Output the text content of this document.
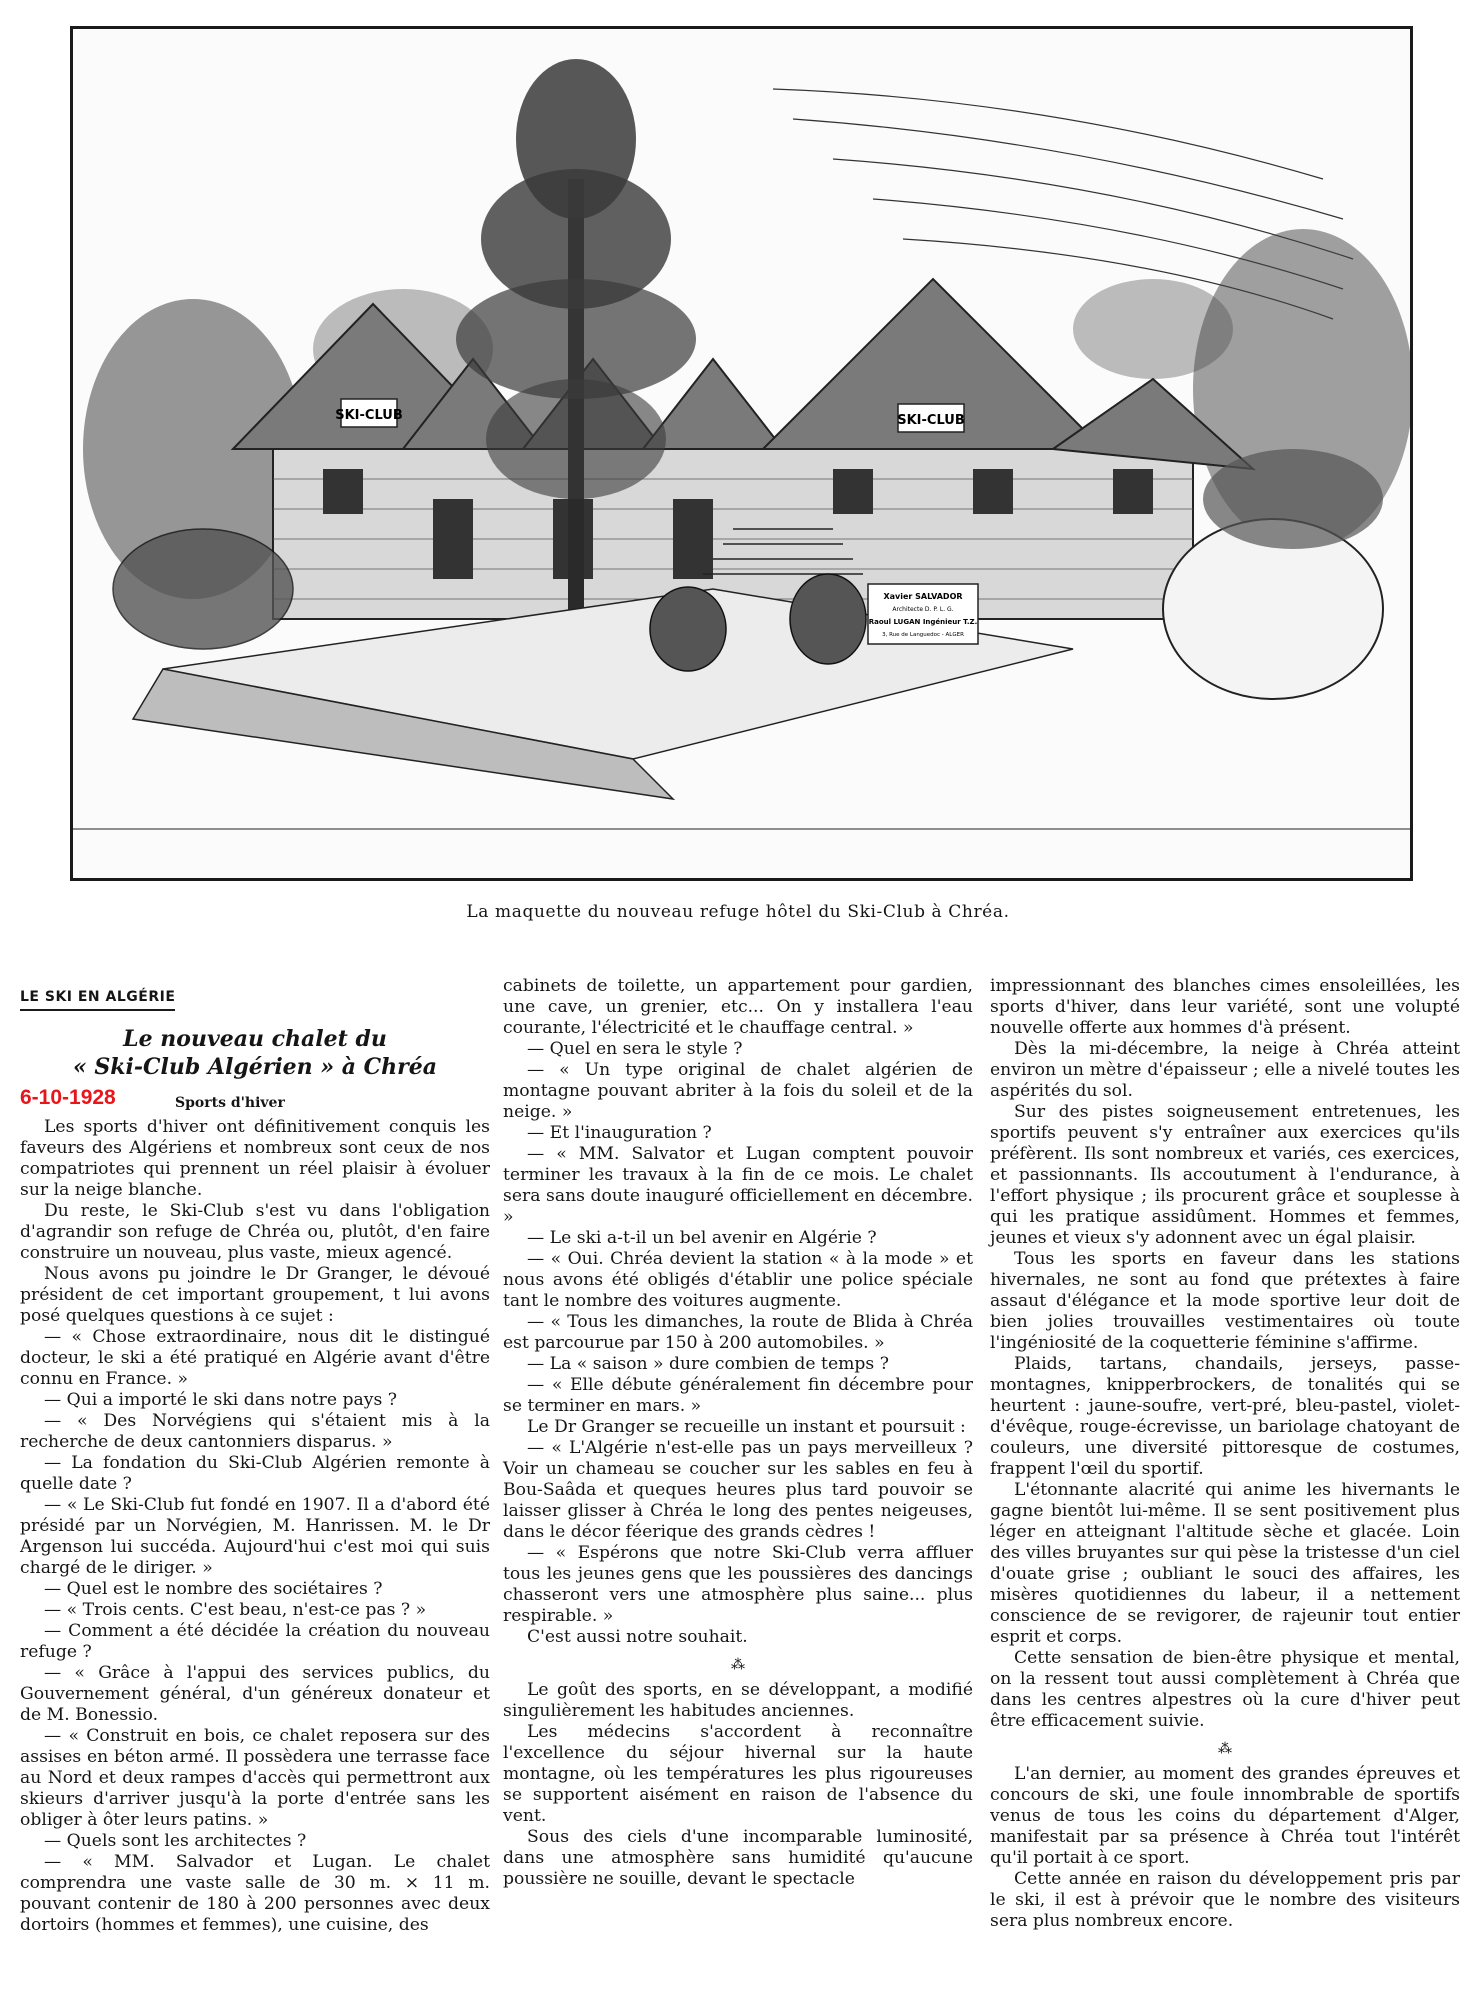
SKI-CLUB	SKI-CLUB
Xavier SALVADOR
Architecte D. P. L. G.
Raoul LUGAN Ingénieur T.Z.
3, Rue de Languedoc - ALGER
La maquette du nouveau refuge hôtel du Ski-Club à Chréa.
LE SKI EN ALGÉRIE
Le nouveau chalet du
« Ski-Club Algérien » à Chréa
6-10-1928	Sports d'hiver

Les sports d'hiver ont définitivement conquis les faveurs des Algériens et nombreux sont ceux de nos compatriotes qui prennent un réel plaisir à évoluer sur la neige blanche.

Du reste, le Ski-Club s'est vu dans l'obligation d'agrandir son refuge de Chréa ou, plutôt, d'en faire construire un nouveau, plus vaste, mieux agencé.

Nous avons pu joindre le Dr Granger, le dévoué président de cet important groupement, t lui avons posé quelques questions à ce sujet :

— « Chose extraordinaire, nous dit le distingué docteur, le ski a été pratiqué en Algérie avant d'être connu en France. »

— Qui a importé le ski dans notre pays ?

— « Des Norvégiens qui s'étaient mis à la recherche de deux cantonniers disparus. »

— La fondation du Ski-Club Algérien remonte à quelle date ?

— « Le Ski-Club fut fondé en 1907. Il a d'abord été présidé par un Norvégien, M. Hanrissen. M. le Dr Argenson lui succéda. Aujourd'hui c'est moi qui suis chargé de le diriger. »

— Quel est le nombre des sociétaires ?

— « Trois cents. C'est beau, n'est-ce pas ? »

— Comment a été décidée la création du nouveau refuge ?

— « Grâce à l'appui des services publics, du Gouvernement général, d'un généreux donateur et de M. Bonessio.

— « Construit en bois, ce chalet reposera sur des assises en béton armé. Il possèdera une terrasse face au Nord et deux rampes d'accès qui permettront aux skieurs d'arriver jusqu'à la porte d'entrée sans les obliger à ôter leurs patins. »

— Quels sont les architectes ?

— « MM. Salvador et Lugan. Le chalet comprendra une vaste salle de 30 m. × 11 m. pouvant contenir de 180 à 200 personnes avec deux dortoirs (hommes et femmes), une cuisine, des

cabinets de toilette, un appartement pour gardien, une cave, un grenier, etc... On y installera l'eau courante, l'électricité et le chauffage central. »

— Quel en sera le style ?

— « Un type original de chalet algérien de montagne pouvant abriter à la fois du soleil et de la neige. »

— Et l'inauguration ?

— « MM. Salvator et Lugan comptent pouvoir terminer les travaux à la fin de ce mois. Le chalet sera sans doute inauguré officiellement en décembre. »

— Le ski a-t-il un bel avenir en Algérie ?

— « Oui. Chréa devient la station « à la mode » et nous avons été obligés d'établir une police spéciale tant le nombre des voitures augmente.

— « Tous les dimanches, la route de Blida à Chréa est parcourue par 150 à 200 automobiles. »

— La « saison » dure combien de temps ?

— « Elle débute généralement fin décembre pour se terminer en mars. »

Le Dr Granger se recueille un instant et poursuit :

— « L'Algérie n'est-elle pas un pays merveilleux ? Voir un chameau se coucher sur les sables en feu à Bou-Saâda et queques heures plus tard pouvoir se laisser glisser à Chréa le long des pentes neigeuses, dans le décor féerique des grands cèdres !

— « Espérons que notre Ski-Club verra affluer tous les jeunes gens que les poussières des dancings chasseront vers une atmosphère plus saine... plus respirable. »

C'est aussi notre souhait.

⁂

Le goût des sports, en se développant, a modifié singulièrement les habitudes anciennes.

Les médecins s'accordent à reconnaître l'excellence du séjour hivernal sur la haute montagne, où les températures les plus rigoureuses se supportent aisément en raison de l'absence du vent.

Sous des ciels d'une incomparable luminosité, dans une atmosphère sans humidité qu'aucune poussière ne souille, devant le spectacle

impressionnant des blanches cimes ensoleillées, les sports d'hiver, dans leur variété, sont une volupté nouvelle offerte aux hommes d'à présent.

Dès la mi-décembre, la neige à Chréa atteint environ un mètre d'épaisseur ; elle a nivelé toutes les aspérités du sol.

Sur des pistes soigneusement entretenues, les sportifs peuvent s'y entraîner aux exercices qu'ils préfèrent. Ils sont nombreux et variés, ces exercices, et passionnants. Ils accoutument à l'endurance, à l'effort physique ; ils procurent grâce et souplesse à qui les pratique assidûment. Hommes et femmes, jeunes et vieux s'y adonnent avec un égal plaisir.

Tous les sports en faveur dans les stations hivernales, ne sont au fond que prétextes à faire assaut d'élégance et la mode sportive leur doit de bien jolies trouvailles vestimentaires où toute l'ingéniosité de la coquetterie féminine s'affirme.

Plaids, tartans, chandails, jerseys, passe-montagnes, knipperbrockers, de tonalités qui se heurtent : jaune-soufre, vert-pré, bleu-pastel, violet-d'évêque, rouge-écrevisse, un bariolage chatoyant de couleurs, une diversité pittoresque de costumes, frappent l'œil du sportif.

L'étonnante alacrité qui anime les hivernants le gagne bientôt lui-même. Il se sent positivement plus léger en atteignant l'altitude sèche et glacée. Loin des villes bruyantes sur qui pèse la tristesse d'un ciel d'ouate grise ; oubliant le souci des affaires, les misères quotidiennes du labeur, il a nettement conscience de se revigorer, de rajeunir tout entier esprit et corps.

Cette sensation de bien-être physique et mental, on la ressent tout aussi complètement à Chréa que dans les centres alpestres où la cure d'hiver peut être efficacement suivie.

⁂

L'an dernier, au moment des grandes épreuves et concours de ski, une foule innombrable de sportifs venus de tous les coins du département d'Alger, manifestait par sa présence à Chréa tout l'intérêt qu'il portait à ce sport.

Cette année en raison du développement pris par le ski, il est à prévoir que le nombre des visiteurs sera plus nombreux encore.
